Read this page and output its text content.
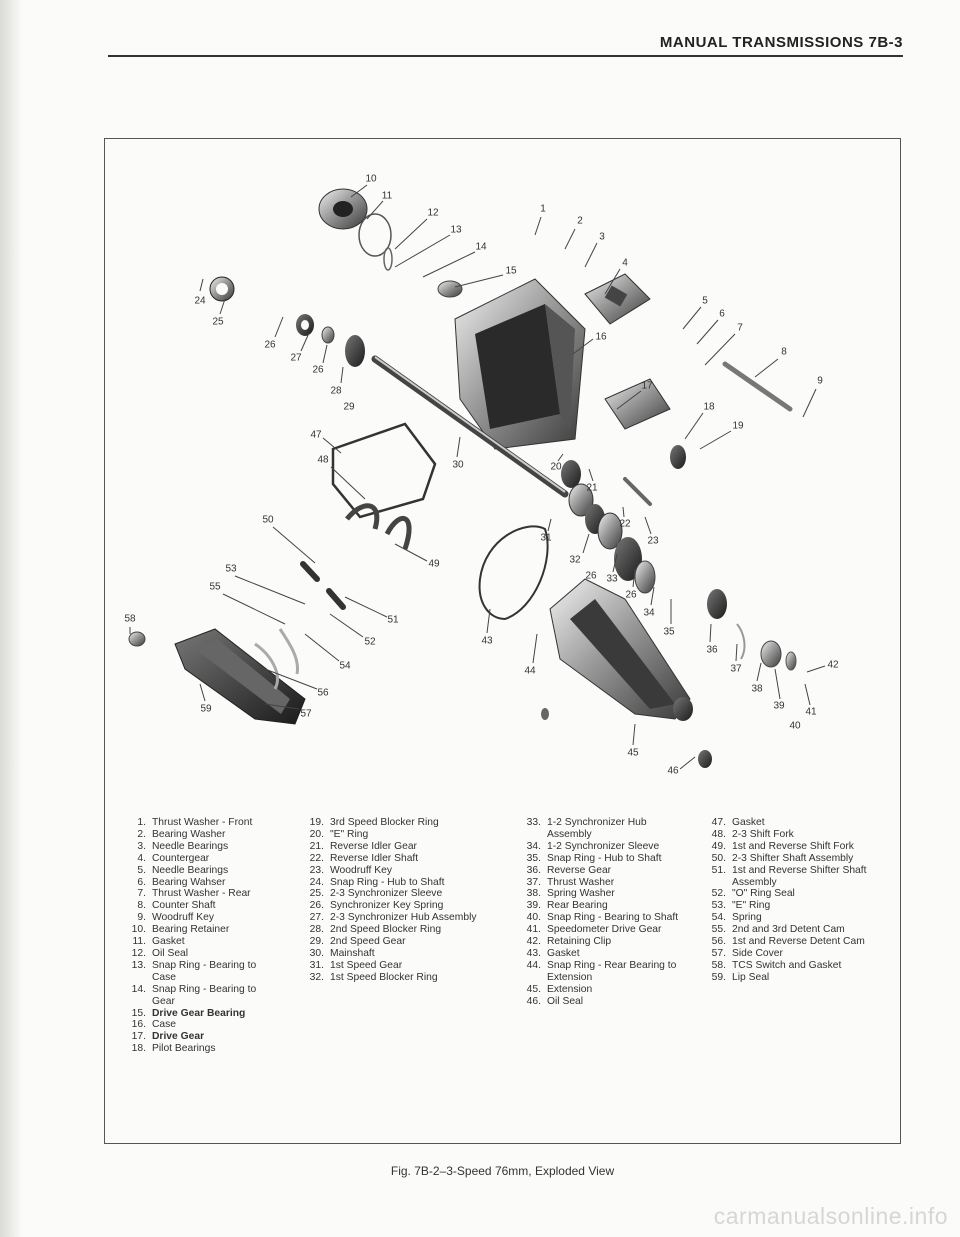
MANUAL TRANSMISSIONS 7B-3
10
11
12
13
14
15
1
2
3
4
5
6
7
8
9
16
17
18
19
24
25
26
27
26
28
29
47
48	30	20
21
22
23
31
32
26 33
26
34
35
50
49
53
55
51
52
54
56
57
58
59
43
44
45
46
36
37
38
39
40
41
42
1. Thrust Washer - Front
2. Bearing Washer
3. Needle Bearings
4. Countergear
5. Needle Bearings
6. Bearing Wahser
7. Thrust Washer - Rear
8. Counter Shaft
9. Woodruff Key
10. Bearing Retainer
11. Gasket
12. Oil Seal
13. Snap Ring - Bearing to Case
14. Snap Ring - Bearing to Gear
15. Drive Gear Bearing
16. Case
17. Drive Gear
18. Pilot Bearings
19. 3rd Speed Blocker Ring
20. "E" Ring
21. Reverse Idler Gear
22. Reverse Idler Shaft
23. Woodruff Key
24. Snap Ring - Hub to Shaft
25. 2-3 Synchronizer Sleeve
26. Synchronizer Key Spring
27. 2-3 Synchronizer Hub Assembly
28. 2nd Speed Blocker Ring
29. 2nd Speed Gear
30. Mainshaft
31. 1st Speed Gear
32. 1st Speed Blocker Ring
33. 1-2 Synchronizer Hub Assembly
34. 1-2 Synchronizer Sleeve
35. Snap Ring - Hub to Shaft
36. Reverse Gear
37. Thrust Washer
38. Spring Washer
39. Rear Bearing
40. Snap Ring - Bearing to Shaft
41. Speedometer Drive Gear
42. Retaining Clip
43. Gasket
44. Snap Ring - Rear Bearing to Extension
45. Extension
46. Oil Seal
47. Gasket
48. 2-3 Shift Fork
49. 1st and Reverse Shift Fork
50. 2-3 Shifter Shaft Assembly
51. 1st and Reverse Shifter Shaft Assembly
52. "O" Ring Seal
53. "E" Ring
54. Spring
55. 2nd and 3rd Detent Cam
56. 1st and Reverse Detent Cam
57. Side Cover
58. TCS Switch and Gasket
59. Lip Seal
Fig. 7B-2–3-Speed 76mm, Exploded View
carmanualsonline.info
